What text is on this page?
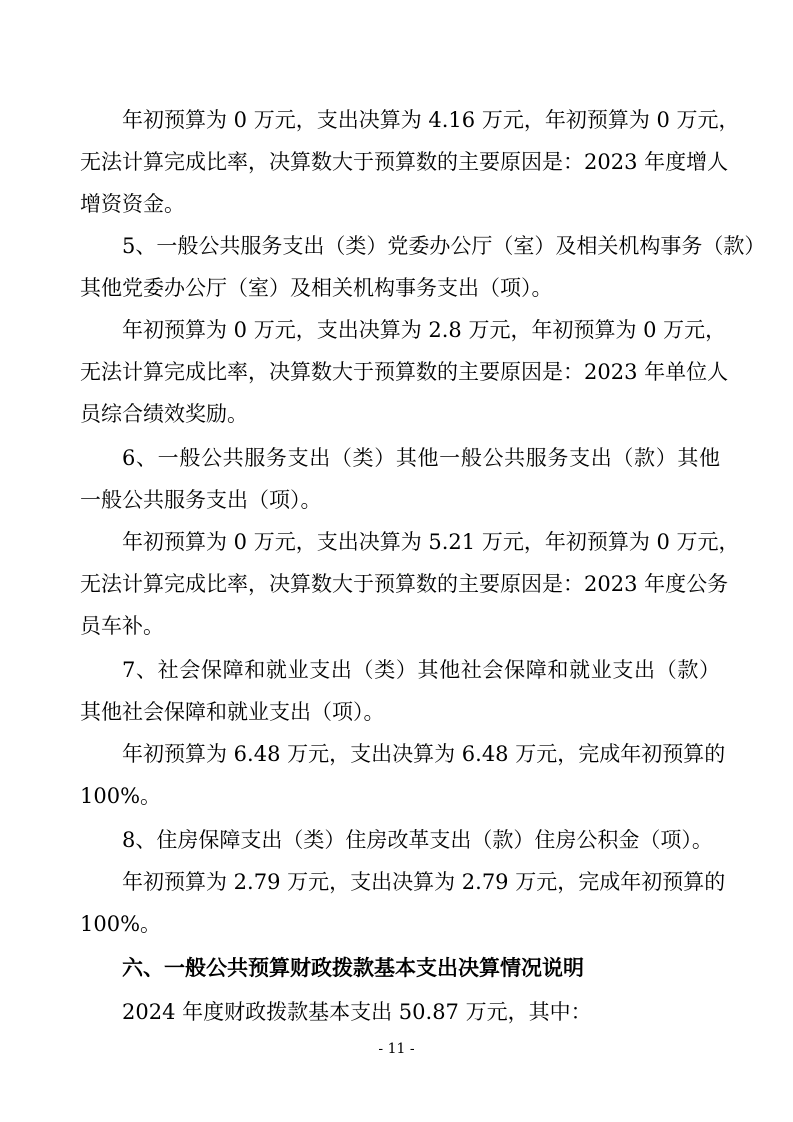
年初预算为 0 万元，支出决算为 4.16 万元，年初预算为 0 万元，
无法计算完成比率，决算数大于预算数的主要原因是：2023 年度增人
增资资金。
5、一般公共服务支出（类）党委办公厅（室）及相关机构事务（款）
其他党委办公厅（室）及相关机构事务支出（项）。
年初预算为 0 万元，支出决算为 2.8 万元，年初预算为 0 万元，
无法计算完成比率，决算数大于预算数的主要原因是：2023 年单位人
员综合绩效奖励。
6、一般公共服务支出（类）其他一般公共服务支出（款）其他
一般公共服务支出（项）。
年初预算为 0 万元，支出决算为 5.21 万元，年初预算为 0 万元，
无法计算完成比率，决算数大于预算数的主要原因是：2023 年度公务
员车补。
7、社会保障和就业支出（类）其他社会保障和就业支出（款）
其他社会保障和就业支出（项）。
年初预算为 6.48 万元，支出决算为 6.48 万元，完成年初预算的
100%。
8、住房保障支出（类）住房改革支出（款）住房公积金（项）。
年初预算为 2.79 万元，支出决算为 2.79 万元，完成年初预算的
100%。
六、一般公共预算财政拨款基本支出决算情况说明
2024 年度财政拨款基本支出 50.87 万元，其中：
- 11 -
